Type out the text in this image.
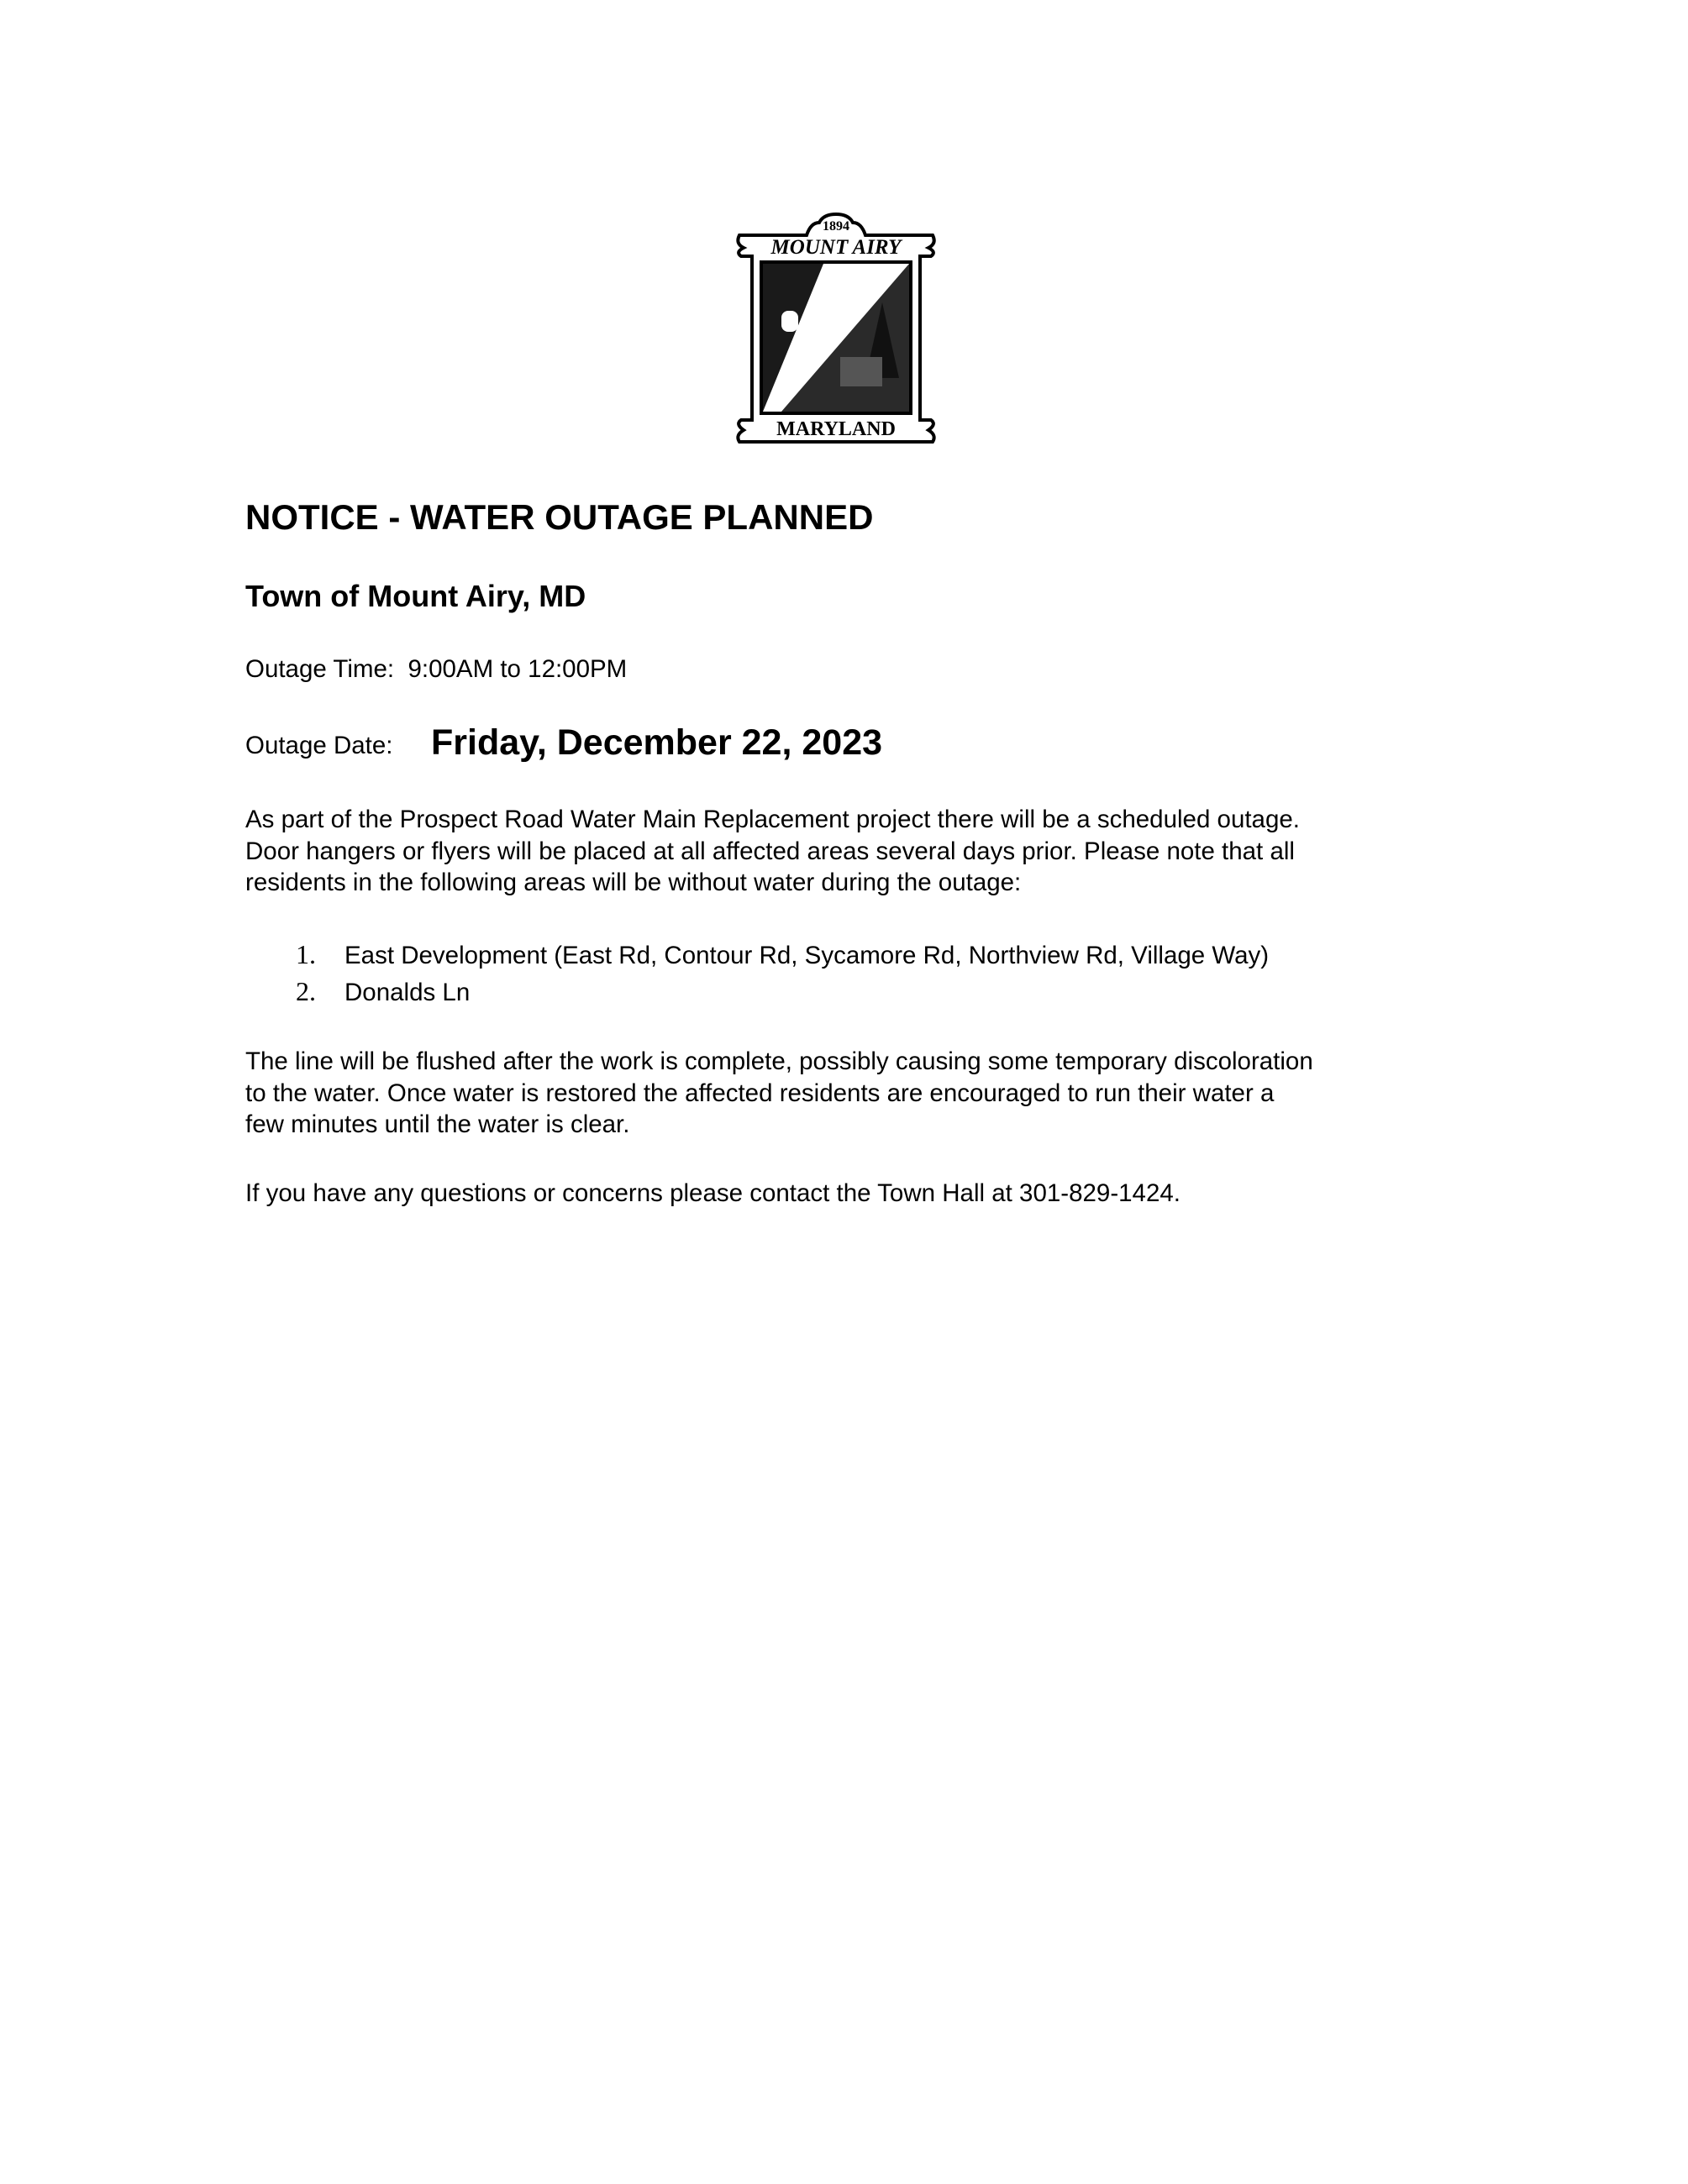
1894
MOUNT AIRY
MARYLAND
NOTICE - WATER OUTAGE PLANNED
Town of Mount Airy, MD
Outage Time: 9:00AM to 12:00PM
Outage Date: Friday, December 22, 2023
As part of the Prospect Road Water Main Replacement project there will be a scheduled outage.
Door hangers or flyers will be placed at all affected areas several days prior. Please note that all
residents in the following areas will be without water during the outage:
1. East Development (East Rd, Contour Rd, Sycamore Rd, Northview Rd, Village Way)
2. Donalds Ln
The line will be flushed after the work is complete, possibly causing some temporary discoloration
to the water. Once water is restored the affected residents are encouraged to run their water a
few minutes until the water is clear.
If you have any questions or concerns please contact the Town Hall at 301-829-1424.
